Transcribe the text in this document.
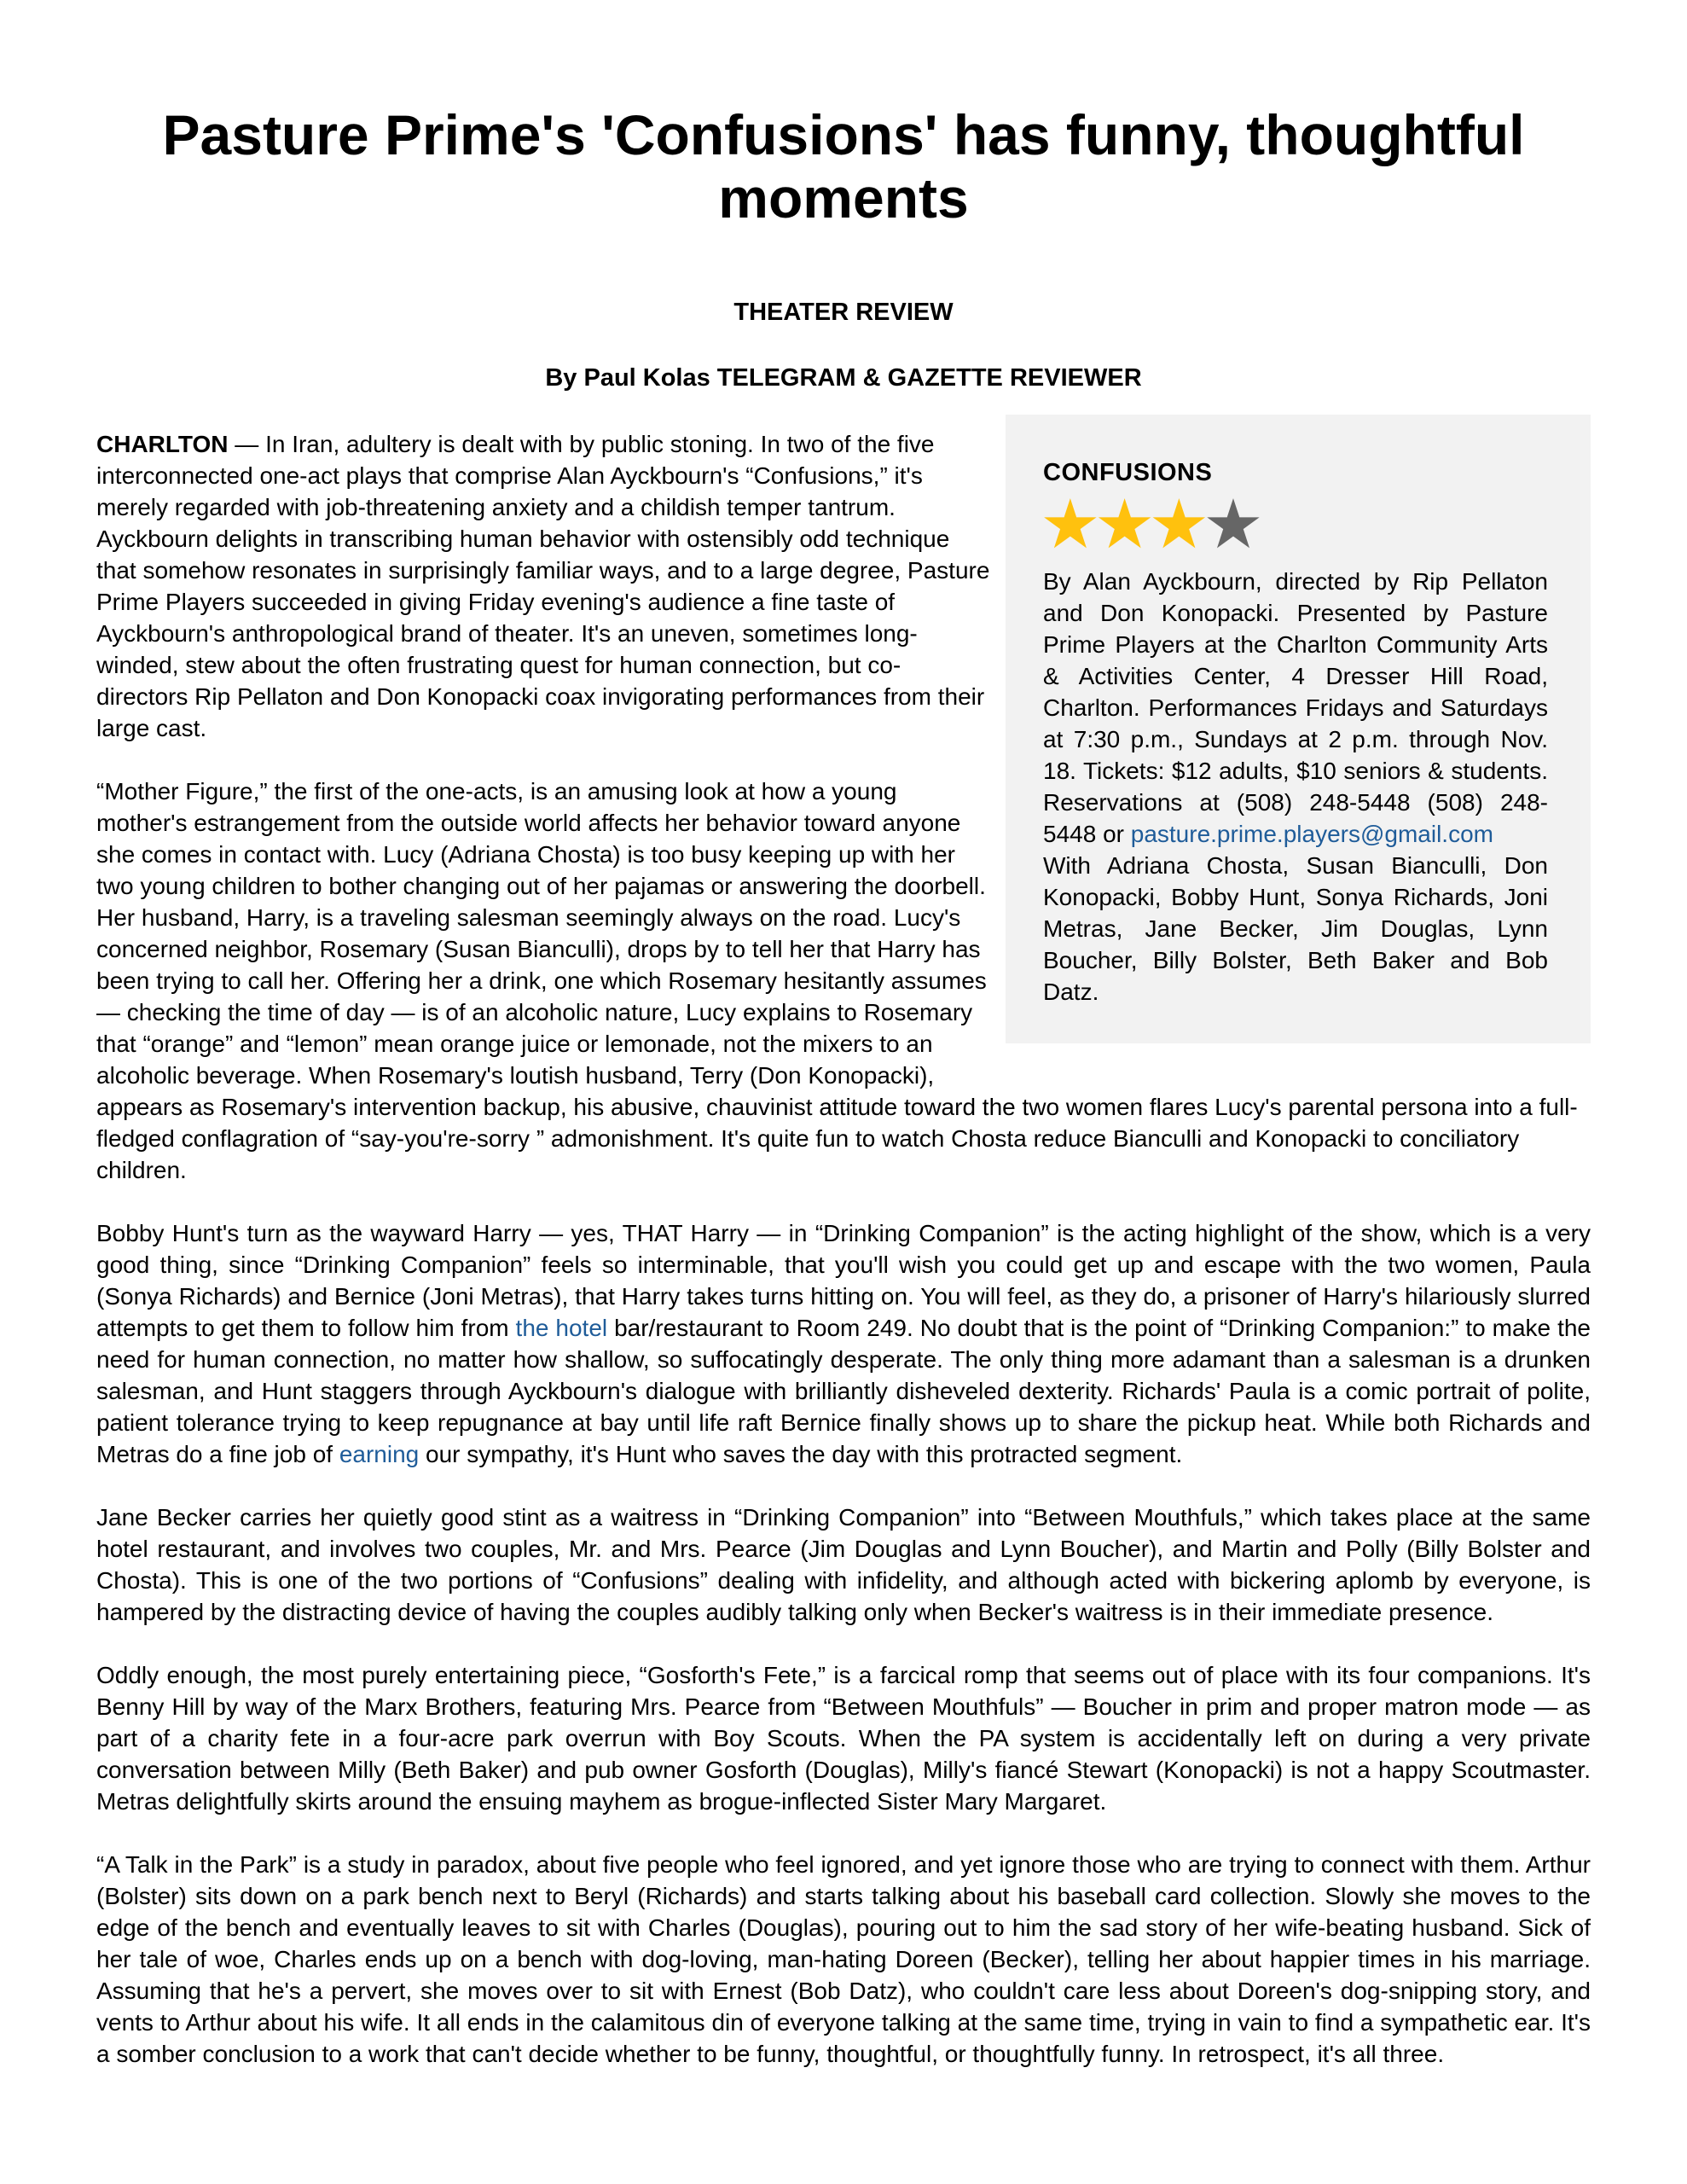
Pasture Prime's 'Confusions' has funny, thoughtful moments
THEATER REVIEW
By Paul Kolas TELEGRAM & GAZETTE REVIEWER
CONFUSIONS
★★★★

By Alan Ayckbourn, directed by Rip Pellaton and Don Konopacki. Presented by Pasture Prime Players at the Charlton Community Arts & Activities Center, 4 Dresser Hill Road, Charlton. Performances Fridays and Saturdays at 7:30 p.m., Sundays at 2 p.m. through Nov. 18. Tickets: $12 adults, $10 seniors & students. Reservations at (508) 248-5448 (508) 248-5448 or pasture.prime.players@gmail.com
With Adriana Chosta, Susan Bianculli, Don Konopacki, Bobby Hunt, Sonya Richards, Joni Metras, Jane Becker, Jim Douglas, Lynn Boucher, Billy Bolster, Beth Baker and Bob Datz.

CHARLTON — In Iran, adultery is dealt with by public stoning. In two of the five interconnected one-act plays that comprise Alan Ayckbourn's “Confusions,” it's merely regarded with job-threatening anxiety and a childish temper tantrum. Ayckbourn delights in transcribing human behavior with ostensibly odd technique that somehow resonates in surprisingly familiar ways, and to a large degree, Pasture Prime Players succeeded in giving Friday evening's audience a fine taste of Ayckbourn's anthropological brand of theater. It's an uneven, sometimes long-winded, stew about the often frustrating quest for human connection, but co-directors Rip Pellaton and Don Konopacki coax invigorating performances from their large cast.

“Mother Figure,” the first of the one-acts, is an amusing look at how a young mother's estrangement from the outside world affects her behavior toward anyone she comes in contact with. Lucy (Adriana Chosta) is too busy keeping up with her two young children to bother changing out of her pajamas or answering the doorbell. Her husband, Harry, is a traveling salesman seemingly always on the road. Lucy's concerned neighbor, Rosemary (Susan Bianculli), drops by to tell her that Harry has been trying to call her. Offering her a drink, one which Rosemary hesitantly assumes — checking the time of day — is of an alcoholic nature, Lucy explains to Rosemary that “orange” and “lemon” mean orange juice or lemonade, not the mixers to an alcoholic beverage. When Rosemary's loutish husband, Terry (Don Konopacki), appears as Rosemary's intervention backup, his abusive, chauvinist attitude toward the two women flares Lucy's parental persona into a full-fledged conflagration of “say-you're-sorry ” admonishment. It's quite fun to watch Chosta reduce Bianculli and Konopacki to conciliatory children.

Bobby Hunt's turn as the wayward Harry — yes, THAT Harry — in “Drinking Companion” is the acting highlight of the show, which is a very good thing, since “Drinking Companion” feels so interminable, that you'll wish you could get up and escape with the two women, Paula (Sonya Richards) and Bernice (Joni Metras), that Harry takes turns hitting on. You will feel, as they do, a prisoner of Harry's hilariously slurred attempts to get them to follow him from the hotel bar/restaurant to Room 249. No doubt that is the point of “Drinking Companion:” to make the need for human connection, no matter how shallow, so suffocatingly desperate. The only thing more adamant than a salesman is a drunken salesman, and Hunt staggers through Ayckbourn's dialogue with brilliantly disheveled dexterity. Richards' Paula is a comic portrait of polite, patient tolerance trying to keep repugnance at bay until life raft Bernice finally shows up to share the pickup heat. While both Richards and Metras do a fine job of earning our sympathy, it's Hunt who saves the day with this protracted segment.

Jane Becker carries her quietly good stint as a waitress in “Drinking Companion” into “Between Mouthfuls,” which takes place at the same hotel restaurant, and involves two couples, Mr. and Mrs. Pearce (Jim Douglas and Lynn Boucher), and Martin and Polly (Billy Bolster and Chosta). This is one of the two portions of “Confusions” dealing with infidelity, and although acted with bickering aplomb by everyone, is hampered by the distracting device of having the couples audibly talking only when Becker's waitress is in their immediate presence.

Oddly enough, the most purely entertaining piece, “Gosforth's Fete,” is a farcical romp that seems out of place with its four companions. It's Benny Hill by way of the Marx Brothers, featuring Mrs. Pearce from “Between Mouthfuls” — Boucher in prim and proper matron mode — as part of a charity fete in a four-acre park overrun with Boy Scouts. When the PA system is accidentally left on during a very private conversation between Milly (Beth Baker) and pub owner Gosforth (Douglas), Milly's fiancé Stewart (Konopacki) is not a happy Scoutmaster. Metras delightfully skirts around the ensuing mayhem as brogue-inflected Sister Mary Margaret.

“A Talk in the Park” is a study in paradox, about five people who feel ignored, and yet ignore those who are trying to connect with them. Arthur (Bolster) sits down on a park bench next to Beryl (Richards) and starts talking about his baseball card collection. Slowly she moves to the edge of the bench and eventually leaves to sit with Charles (Douglas), pouring out to him the sad story of her wife-beating husband. Sick of her tale of woe, Charles ends up on a bench with dog-loving, man-hating Doreen (Becker), telling her about happier times in his marriage. Assuming that he's a pervert, she moves over to sit with Ernest (Bob Datz), who couldn't care less about Doreen's dog-snipping story, and vents to Arthur about his wife. It all ends in the calamitous din of everyone talking at the same time, trying in vain to find a sympathetic ear. It's a somber conclusion to a work that can't decide whether to be funny, thoughtful, or thoughtfully funny. In retrospect, it's all three.
